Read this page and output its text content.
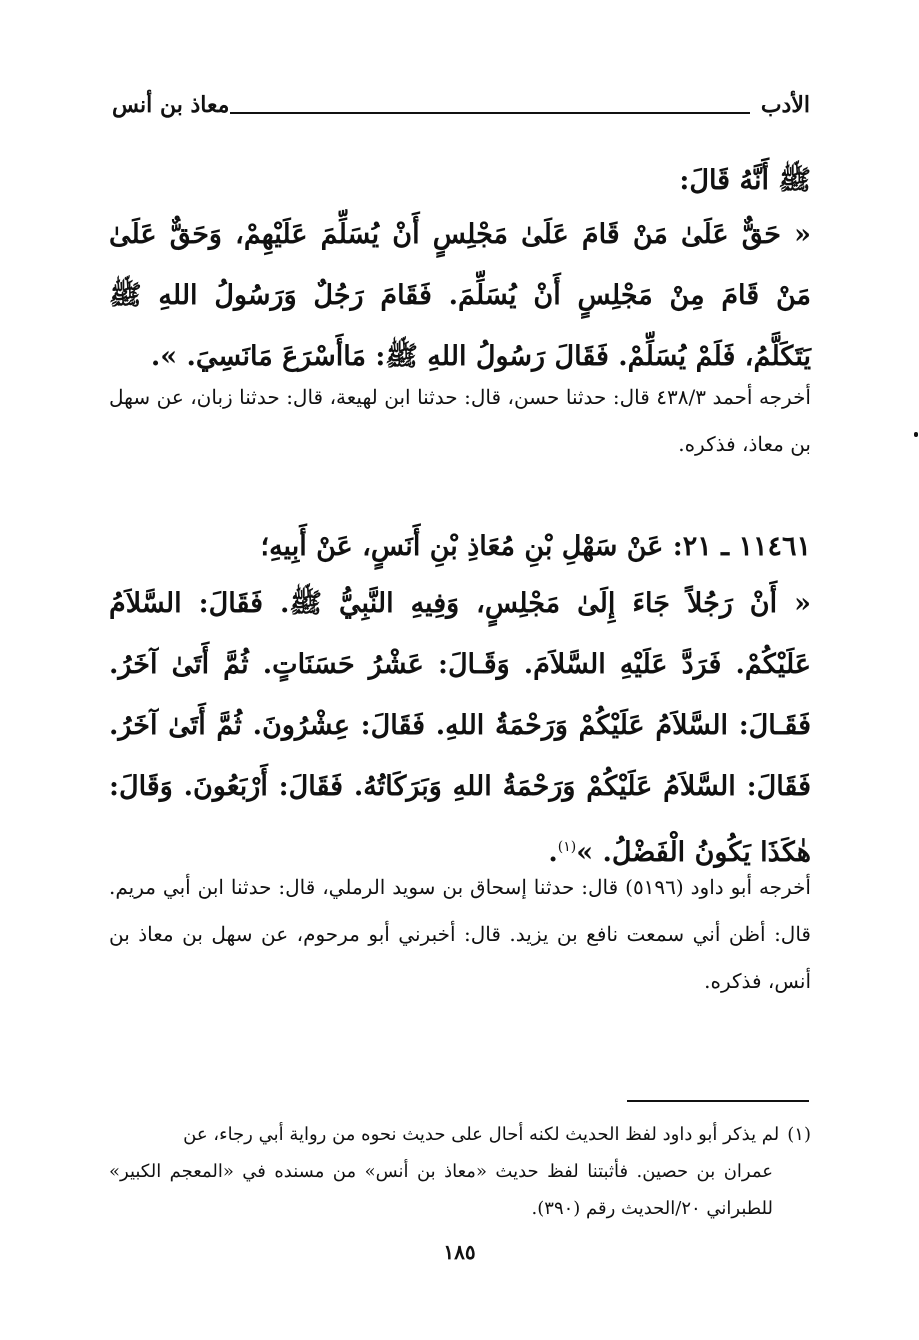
الأدب
معاذ بن أنس
ﷺ أَنَّهُ قَالَ:
« حَقٌّ عَلَىٰ مَنْ قَامَ عَلَىٰ مَجْلِسٍ أَنْ يُسَلِّمَ عَلَيْهِمْ، وَحَقٌّ عَلَىٰ مَنْ قَامَ مِنْ مَجْلِسٍ أَنْ يُسَلِّمَ. فَقَامَ رَجُلٌ وَرَسُولُ اللهِ ﷺ يَتَكَلَّمُ، فَلَمْ يُسَلِّمْ. فَقَالَ رَسُولُ اللهِ ﷺ: مَاأَسْرَعَ مَانَسِيَ. ».
أخرجه أحمد ٤٣٨/٣ قال: حدثنا حسن، قال: حدثنا ابن لهيعة، قال: حدثنا زبان، عن سهل بن معاذ، فذكره.
١١٤٦١ ـ ٢١: عَنْ سَهْلِ بْنِ مُعَاذِ بْنِ أَنَسٍ، عَنْ أَبِيهِ؛
« أَنْ رَجُلاً جَاءَ إِلَىٰ مَجْلِسٍ، وَفِيهِ النَّبِيُّ ﷺ. فَقَالَ: السَّلاَمُ عَلَيْكُمْ. فَرَدَّ عَلَيْهِ السَّلاَمَ. وَقَـالَ: عَشْرُ حَسَنَاتٍ. ثُمَّ أَتَىٰ آخَرُ. فَقَـالَ: السَّلاَمُ عَلَيْكُمْ وَرَحْمَةُ اللهِ. فَقَالَ: عِشْرُونَ. ثُمَّ أَتَىٰ آخَرُ. فَقَالَ: السَّلاَمُ عَلَيْكُمْ وَرَحْمَةُ اللهِ وَبَرَكَاتُهُ. فَقَالَ: أَرْبَعُونَ. وَقَالَ: هٰكَذَا يَكُونُ الْفَضْلُ. »$^{(١)}$.
أخرجه أبو داود (٥١٩٦) قال: حدثنا إسحاق بن سويد الرملي، قال: حدثنا ابن أبي مريم. قال: أظن أني سمعت نافع بن يزيد. قال: أخبرني أبو مرحوم، عن سهل بن معاذ بن أنس، فذكره.
(١)لم يذكر أبو داود لفظ الحديث لكنه أحال على حديث نحوه من رواية أبي رجاء، عن
عمران بن حصين. فأثبتنا لفظ حديث «معاذ بن أنس» من مسنده في «المعجم الكبير» للطبراني ٢٠/الحديث رقم (٣٩٠).
١٨٥
